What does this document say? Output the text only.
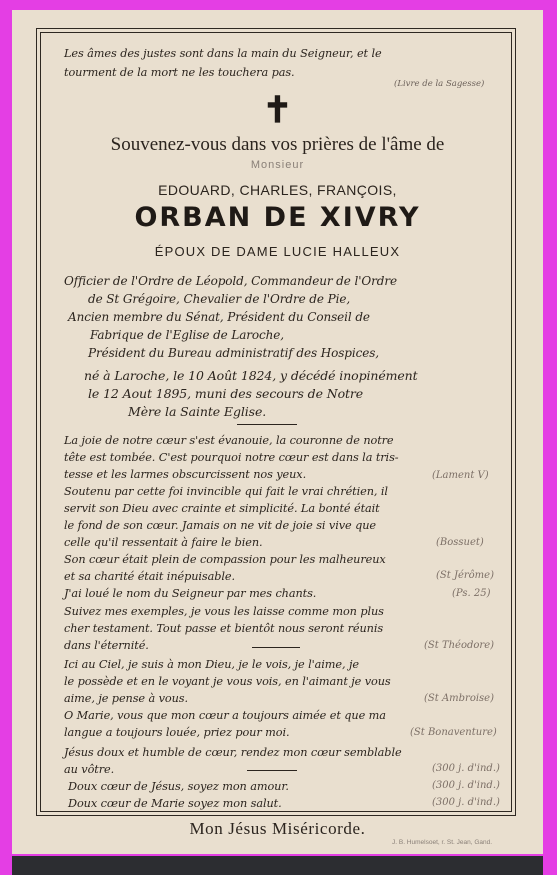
Les âmes des justes sont dans la main du Seigneur, et le

tourment de la mort ne les touchera pas.

(Livre de la Sagesse)

✝

Souvenez-vous dans vos prières de l'âme de

Monsieur

EDOUARD, CHARLES, FRANÇOIS,

ORBAN DE XIVRY

ÉPOUX DE DAME LUCIE HALLEUX

Officier de l'Ordre de Léopold, Commandeur de l'Ordre

de St Grégoire, Chevalier de l'Ordre de Pie,

Ancien membre du Sénat, Président du Conseil de

Fabrique de l'Eglise de Laroche,

Président du Bureau administratif des Hospices,

né à Laroche, le 10 Août 1824, y décédé inopinément

le 12 Aout 1895, muni des secours de Notre

Mère la Sainte Eglise.

La joie de notre cœur s'est évanouie, la couronne de notre

tête est tombée. C'est pourquoi notre cœur est dans la tris-

tesse et les larmes obscurcissent nos yeux.	(Lament V)

Soutenu par cette foi invincible qui fait le vrai chrétien, il

servit son Dieu avec crainte et simplicité. La bonté était

le fond de son cœur. Jamais on ne vit de joie si vive que

celle qu'il ressentait à faire le bien.	(Bossuet)

Son cœur était plein de compassion pour les malheureux

et sa charité était inépuisable.	(St Jérôme)

J'ai loué le nom du Seigneur par mes chants.	(Ps. 25)

Suivez mes exemples, je vous les laisse comme mon plus

cher testament. Tout passe et bientôt nous seront réunis

dans l'éternité.	(St Théodore)

Ici au Ciel, je suis à mon Dieu, je le vois, je l'aime, je

le possède et en le voyant je vous vois, en l'aimant je vous

aime, je pense à vous.	(St Ambroise)

O Marie, vous que mon cœur a toujours aimée et que ma

langue a toujours louée, priez pour moi.	(St Bonaventure)

Jésus doux et humble de cœur, rendez mon cœur semblable

au vôtre.	(300 j. d'ind.)

Doux cœur de Jésus, soyez mon amour.	(300 j. d'ind.)

Doux cœur de Marie soyez mon salut.	(300 j. d'ind.)

Mon Jésus Miséricorde.

J. B. Humelsoet, r. St. Jean, Gand.
